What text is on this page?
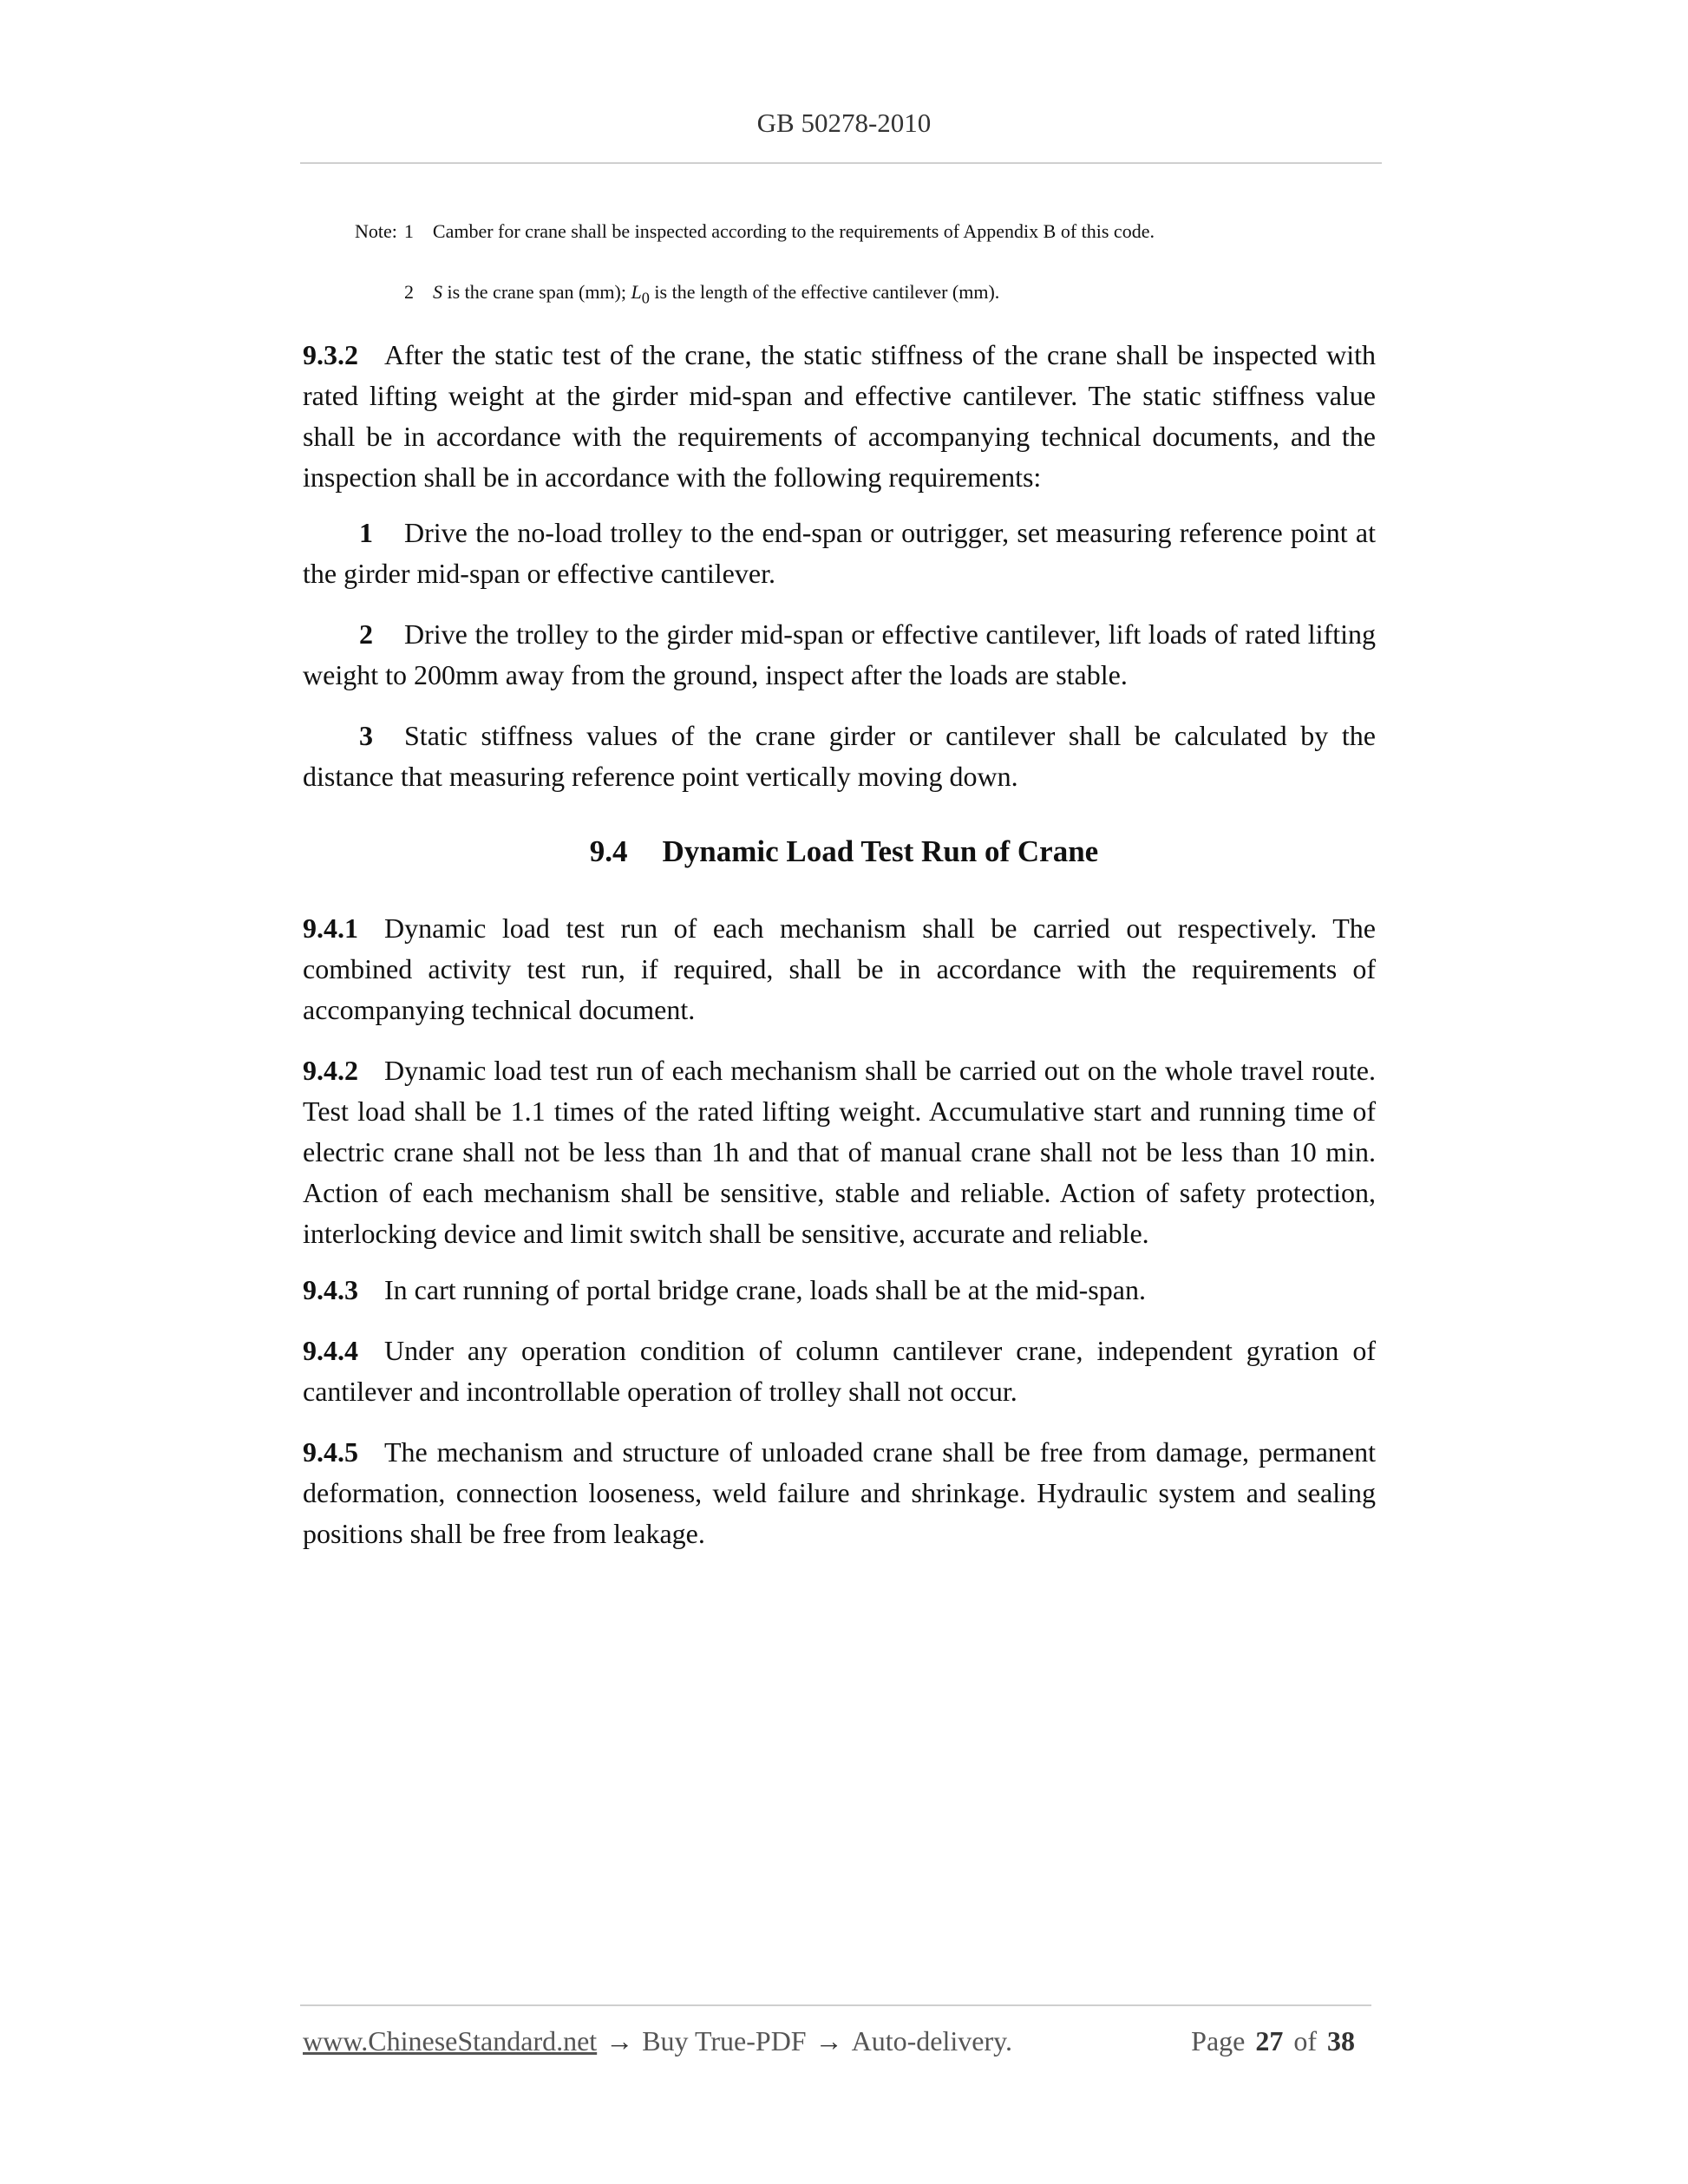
GB 50278-2010
Note: 1 Camber for crane shall be inspected according to the requirements of Appendix B of this code.
2 S is the crane span (mm); $L_0$ is the length of the effective cantilever (mm).
9.3.2 After the static test of the crane, the static stiffness of the crane shall be inspected with rated lifting weight at the girder mid-span and effective cantilever. The static stiffness value shall be in accordance with the requirements of accompanying technical documents, and the inspection shall be in accordance with the following requirements:
1 Drive the no-load trolley to the end-span or outrigger, set measuring reference point at the girder mid-span or effective cantilever.
2 Drive the trolley to the girder mid-span or effective cantilever, lift loads of rated lifting weight to 200mm away from the ground, inspect after the loads are stable.
3 Static stiffness values of the crane girder or cantilever shall be calculated by the distance that measuring reference point vertically moving down.
9.4 Dynamic Load Test Run of Crane
9.4.1 Dynamic load test run of each mechanism shall be carried out respectively. The combined activity test run, if required, shall be in accordance with the requirements of accompanying technical document.
9.4.2 Dynamic load test run of each mechanism shall be carried out on the whole travel route. Test load shall be 1.1 times of the rated lifting weight. Accumulative start and running time of electric crane shall not be less than 1h and that of manual crane shall not be less than 10 min. Action of each mechanism shall be sensitive, stable and reliable. Action of safety protection, interlocking device and limit switch shall be sensitive, accurate and reliable.
9.4.3 In cart running of portal bridge crane, loads shall be at the mid-span.
9.4.4 Under any operation condition of column cantilever crane, independent gyration of cantilever and incontrollable operation of trolley shall not occur.
9.4.5 The mechanism and structure of unloaded crane shall be free from damage, permanent deformation, connection looseness, weld failure and shrinkage. Hydraulic system and sealing positions shall be free from leakage.
www.ChineseStandard.net → Buy True-PDF → Auto-delivery.	Page 27 of 38
